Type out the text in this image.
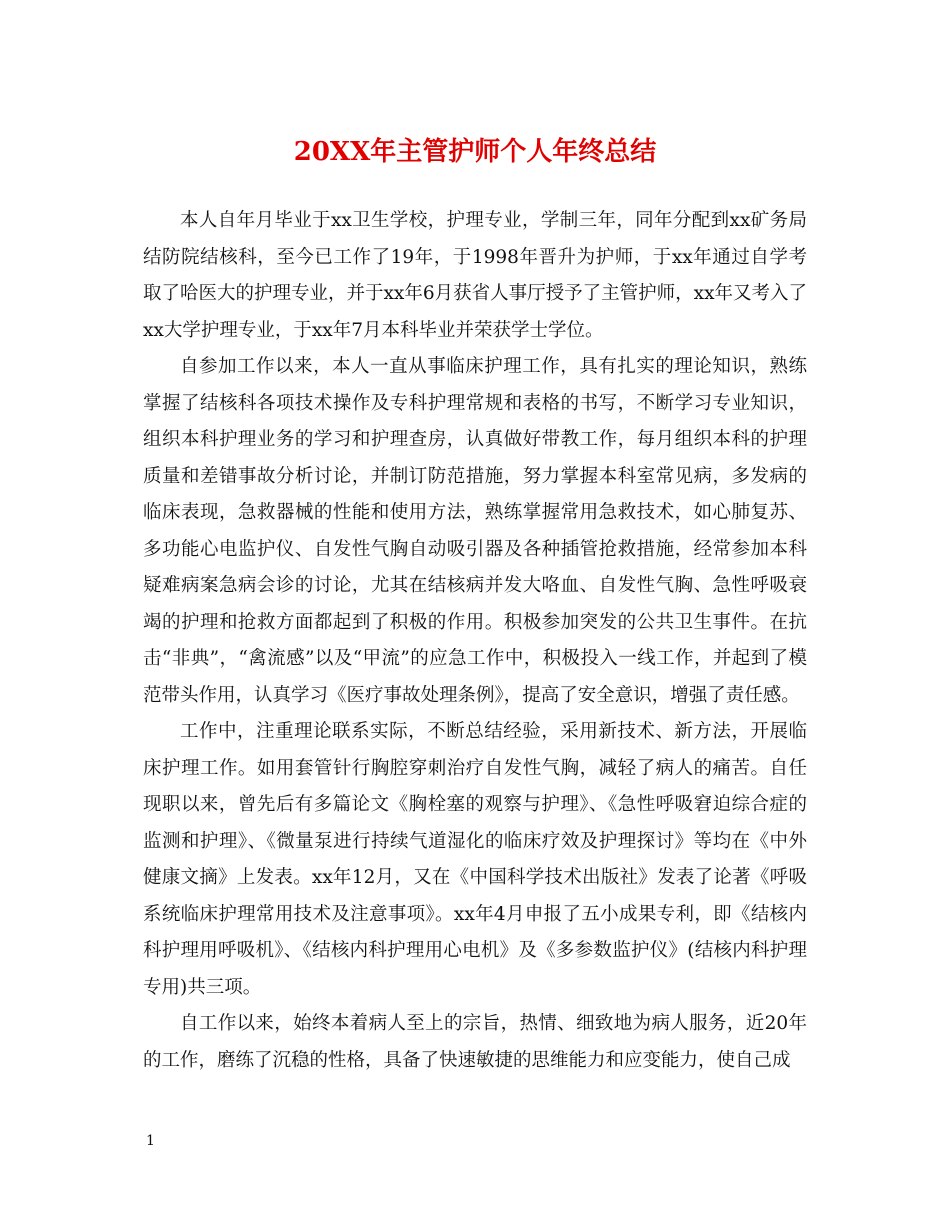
20XX年主管护师个人年终总结

本人自年月毕业于xx卫生学校，护理专业，学制三年，同年分配到xx矿务局结防院结核科，至今已工作了19年，于1998年晋升为护师，于xx年通过自学考取了哈医大的护理专业，并于xx年6月获省人事厅授予了主管护师，xx年又考入了xx大学护理专业，于xx年7月本科毕业并荣获学士学位。

自参加工作以来，本人一直从事临床护理工作，具有扎实的理论知识，熟练掌握了结核科各项技术操作及专科护理常规和表格的书写，不断学习专业知识，组织本科护理业务的学习和护理查房，认真做好带教工作，每月组织本科的护理质量和差错事故分析讨论，并制订防范措施，努力掌握本科室常见病，多发病的临床表现，急救器械的性能和使用方法，熟练掌握常用急救技术，如心肺复苏、多功能心电监护仪、自发性气胸自动吸引器及各种插管抢救措施，经常参加本科疑难病案急病会诊的讨论，尤其在结核病并发大咯血、自发性气胸、急性呼吸衰竭的护理和抢救方面都起到了积极的作用。积极参加突发的公共卫生事件。在抗击“非典”，“禽流感”以及“甲流”的应急工作中，积极投入一线工作，并起到了模范带头作用，认真学习《医疗事故处理条例》，提高了安全意识，增强了责任感。

工作中，注重理论联系实际，不断总结经验，采用新技术、新方法，开展临床护理工作。如用套管针行胸腔穿刺治疗自发性气胸，减轻了病人的痛苦。自任现职以来，曾先后有多篇论文《胸栓塞的观察与护理》、《急性呼吸窘迫综合症的监测和护理》、《微量泵进行持续气道湿化的临床疗效及护理探讨》等均在《中外健康文摘》上发表。xx年12月，又在《中国科学技术出版社》发表了论著《呼吸系统临床护理常用技术及注意事项》。xx年4月申报了五小成果专利，即《结核内科护理用呼吸机》、《结核内科护理用心电机》及《多参数监护仪》(结核内科护理专用)共三项。

自工作以来，始终本着病人至上的宗旨，热情、细致地为病人服务，近20年的工作，磨练了沉稳的性格，具备了快速敏捷的思维能力和应变能力，使自己成

1
